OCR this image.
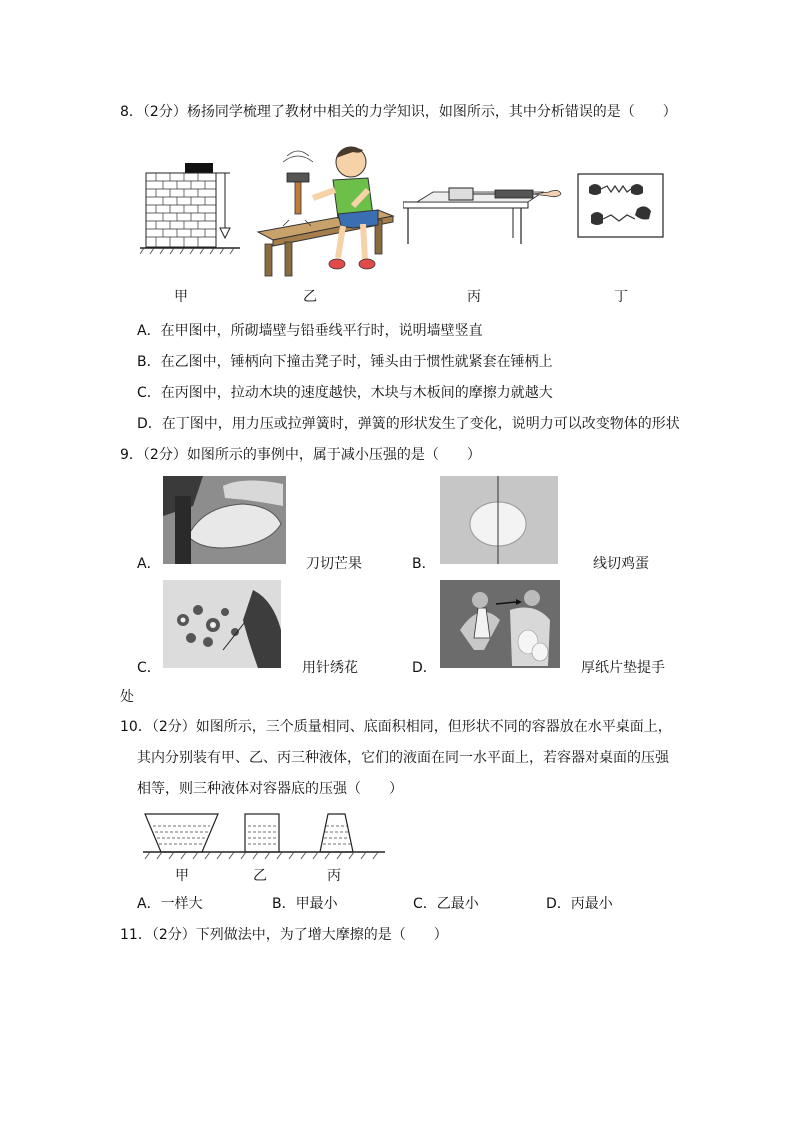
8．（2分）杨扬同学梳理了教材中相关的力学知识，如图所示，其中分析错误的是（　　）
甲	乙	丙	丁
A．在甲图中，所砌墙壁与铅垂线平行时，说明墙壁竖直
B．在乙图中，锤柄向下撞击凳子时，锤头由于惯性就紧套在锤柄上
C．在丙图中，拉动木块的速度越快，木块与木板间的摩擦力就越大
D．在丁图中，用力压或拉弹簧时，弹簧的形状发生了变化，说明力可以改变物体的形状
9．（2分）如图所示的事例中，属于减小压强的是（　　）
A．	刀切芒果	B．	线切鸡蛋
C．	用针绣花	D．	厚纸片垫提手
处
10．（2分）如图所示，三个质量相同、底面积相同，但形状不同的容器放在水平桌面上，
其内分别装有甲、乙、丙三种液体，它们的液面在同一水平面上，若容器对桌面的压强
相等，则三种液体对容器底的压强（　　）
甲	乙	丙
A．一样大	B．甲最小	C．乙最小	D．丙最小
11．（2分）下列做法中，为了增大摩擦的是（　　）
